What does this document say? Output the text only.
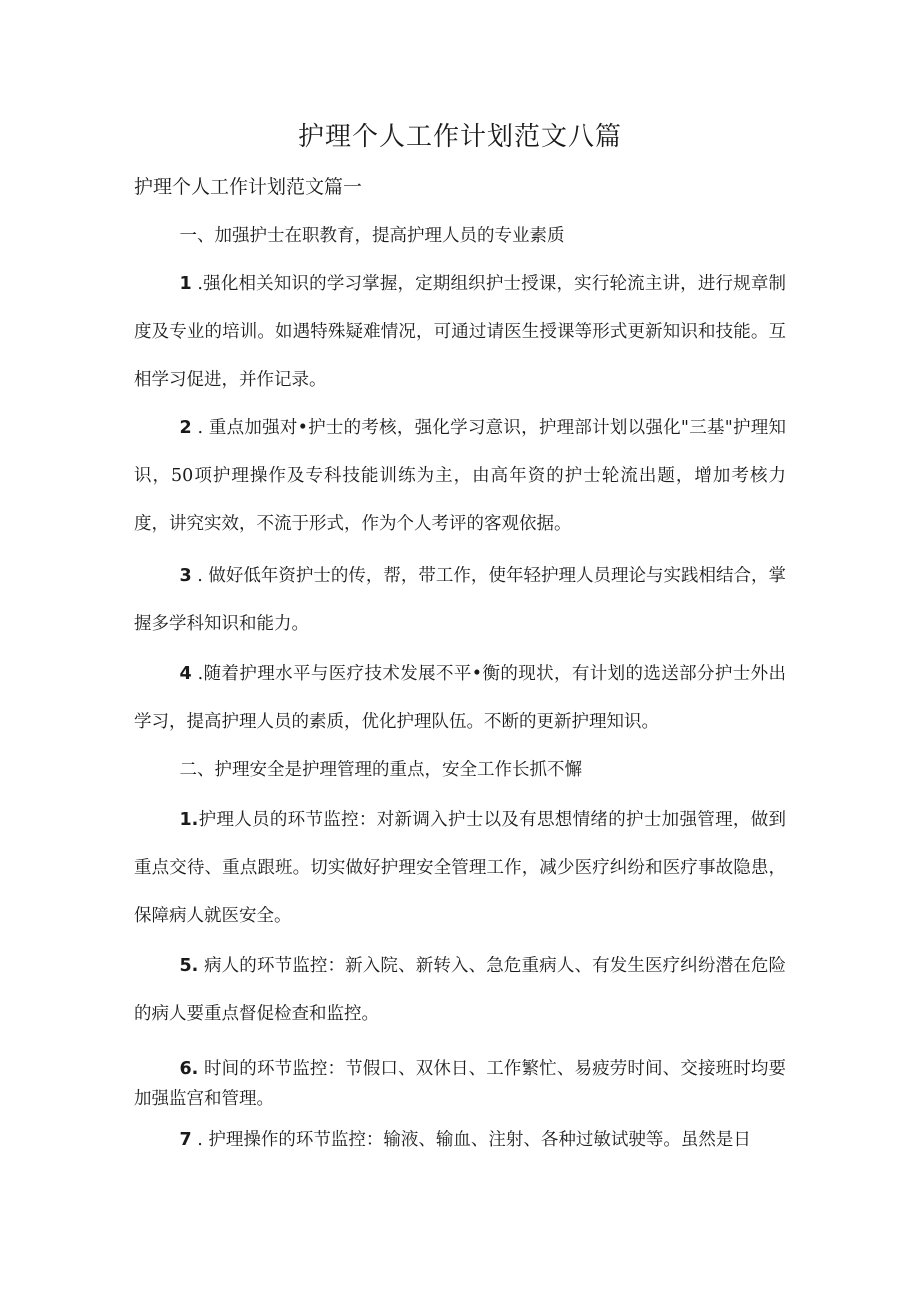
护理个人工作计划范文八篇
护理个人工作计划范文篇一

一、加强护士在职教育，提高护理人员的专业素质

1 .强化相关知识的学习掌握，定期组织护士授课，实行轮流主讲，进行规章制度及专业的培训。如遇特殊疑难情况，可通过请医生授课等形式更新知识和技能。互相学习促进，并作记录。

2 . 重点加强对•护士的考核，强化学习意识，护理部计划以强化"三基"护理知识，50项护理操作及专科技能训练为主，由高年资的护士轮流出题，增加考核力度，讲究实效，不流于形式，作为个人考评的客观依据。

3 . 做好低年资护士的传，帮，带工作，使年轻护理人员理论与实践相结合，掌握多学科知识和能力。

4 .随着护理水平与医疗技术发展不平•衡的现状，有计划的选送部分护士外出学习，提高护理人员的素质，优化护理队伍。不断的更新护理知识。

二、护理安全是护理管理的重点，安全工作长抓不懈

1.护理人员的环节监控：对新调入护士以及有思想情绪的护士加强管理，做到重点交待、重点跟班。切实做好护理安全管理工作，减少医疗纠纷和医疗事故隐患，保障病人就医安全。

5. 病人的环节监控：新入院、新转入、急危重病人、有发生医疗纠纷潜在危险的病人要重点督促检查和监控。

6. 时间的环节监控：节假口、双休日、工作繁忙、易疲劳时间、交接班时均要加强监宫和管理。

7 . 护理操作的环节监控：输液、输血、注射、各种过敏试驶等。虽然是日
